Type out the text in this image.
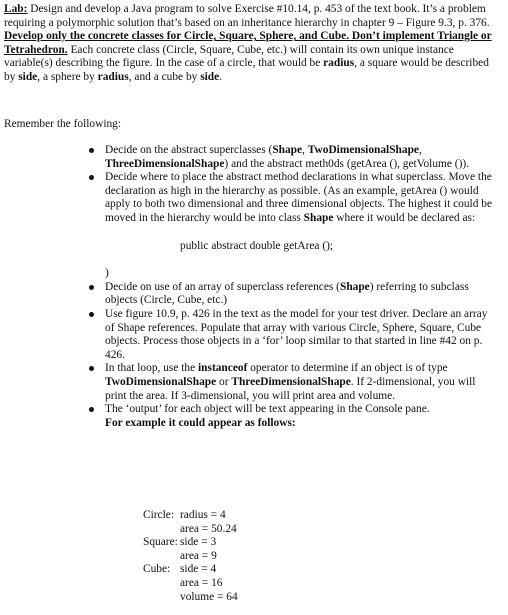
Lab: Design and develop a Java program to solve Exercise #10.14, p. 453 of the text book. It’s a problem requiring a polymorphic solution that’s based on an inheritance hierarchy in chapter 9 – Figure 9.3, p. 376. Develop only the concrete classes for Circle, Square, Sphere, and Cube. Don’t implement Triangle or Tetrahedron. Each concrete class (Circle, Square, Cube, etc.) will contain its own unique instance variable(s) describing the figure. In the case of a circle, that would be radius, a square would be described by side, a sphere by radius, and a cube by side.

Remember the following:

Decide on the abstract superclasses (Shape, TwoDimensionalShape, ThreeDimensionalShape) and the abstract meth0ds (getArea (), getVolume ()).
Decide where to place the abstract method declarations in what superclass. Move the declaration as high in the hierarchy as possible. (As an example, getArea () would apply to both two dimensional and three dimensional objects. The highest it could be moved in the hierarchy would be into class Shape where it would be declared as:
public abstract double getArea ();
)
Decide on use of an array of superclass references (Shape) referring to subclass objects (Circle, Cube, etc.)
Use figure 10.9, p. 426 in the text as the model for your test driver. Declare an array of Shape references. Populate that array with various Circle, Sphere, Square, Cube objects. Process those objects in a ‘for’ loop similar to that started in line #42 on p. 426.
In that loop, use the instanceof operator to determine if an object is of type TwoDimensionalShape or ThreeDimensionalShape. If 2-dimensional, you will print the area. If 3-dimensional, you will print area and volume.
The ‘output’ for each object will be text appearing in the Console pane.
For example it could appear as follows:
Circle: radius = 4
area = 50.24
Square: side = 3
area = 9
Cube: side = 4
area = 16
volume = 64
